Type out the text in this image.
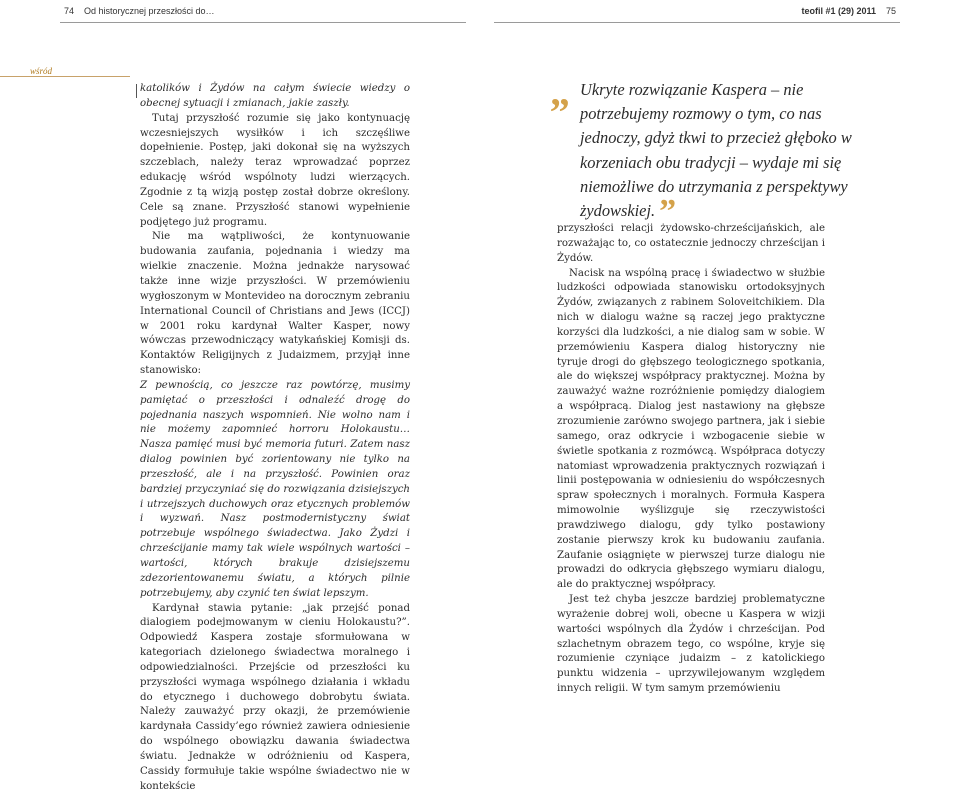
74 Od historycznej przeszłości do…	teofil #1 (29) 2011 75
wśród

katolików i Żydów na całym świecie wiedzy o obecnej sytuacji i zmianach, jakie zaszły.

Tutaj przyszłość rozumie się jako kontynuację wczesniejszych wysiłków i ich szczęśliwe dopełnienie. Postęp, jaki dokonał się na wyższych szczeblach, należy teraz wprowadzać poprzez edukację wśród wspólnoty ludzi wierzących. Zgodnie z tą wizją postęp został dobrze określony. Cele są znane. Przyszłość stanowi wypełnienie podjętego już programu.

Nie ma wątpliwości, że kontynuowanie budowania zaufania, pojednania i wiedzy ma wielkie znaczenie. Można jednakże narysować także inne wizje przyszłości. W przemówieniu wygłoszonym w Montevideo na dorocznym zebraniu International Council of Christians and Jews (ICCJ) w 2001 roku kardynał Walter Kasper, nowy wówczas przewodniczący watykańskiej Komisji ds. Kontaktów Religijnych z Judaizmem, przyjął inne stanowisko:

Z pewnością, co jeszcze raz powtórzę, musimy pamiętać o przeszłości i odnaleźć drogę do pojednania naszych wspomnień. Nie wolno nam i nie możemy zapomnieć horroru Holokaustu… Nasza pamięć musi być memoria futuri. Zatem nasz dialog powinien być zorientowany nie tylko na przeszłość, ale i na przyszłość. Powinien oraz bardziej przyczyniać się do rozwiązania dzisiejszych i utrzejszych duchowych oraz etycznych problemów i wyzwań. Nasz postmodernistyczny świat potrzebuje wspólnego świadectwa. Jako Żydzi i chrześcijanie mamy tak wiele wspólnych wartości – wartości, których brakuje dzisiejszemu zdezorientowanemu światu, a których pilnie potrzebujemy, aby czynić ten świat lepszym.

Kardynał stawia pytanie: „jak przejść ponad dialogiem podejmowanym w cieniu Holokaustu?”. Odpowiedź Kaspera zostaje sformułowana w kategoriach dzielonego świadectwa moralnego i odpowiedzialności. Przejście od przeszłości ku przyszłości wymaga wspólnego działania i wkładu do etycznego i duchowego dobrobytu świata. Należy zauważyć przy okazji, że przemówienie kardynała Cassidy’ego również zawiera odniesienie do wspólnego obowiązku dawania świadectwa światu. Jednakże w odróżnieniu od Kaspera, Cassidy formułuje takie wspólne świadectwo nie w kontekście

„ Ukryte rozwiązanie Kaspera – nie potrzebujemy rozmowy o tym, co nas jednoczy, gdyż tkwi to przecież głęboko w korzeniach obu tradycji – wydaje mi się niemożliwe do utrzymania z perspektywy żydowskiej. ”

przyszłości relacji żydowsko-chrześcijańskich, ale rozważając to, co ostatecznie jednoczy chrześcijan i Żydów.

Nacisk na wspólną pracę i świadectwo w służbie ludzkości odpowiada stanowisku ortodoksyjnych Żydów, związanych z rabinem Soloveitchikiem. Dla nich w dialogu ważne są raczej jego praktyczne korzyści dla ludzkości, a nie dialog sam w sobie. W przemówieniu Kaspera dialog historyczny nie tyruje drogi do głębszego teologicznego spotkania, ale do większej współpracy praktycznej. Można by zauważyć ważne rozróżnienie pomiędzy dialogiem a współpracą. Dialog jest nastawiony na głębsze zrozumienie zarówno swojego partnera, jak i siebie samego, oraz odkrycie i wzbogacenie siebie w świetle spotkania z rozmówcą. Współpraca dotyczy natomiast wprowadzenia praktycznych rozwiązań i linii postępowania w odniesieniu do współczesnych spraw społecznych i moralnych. Formuła Kaspera mimowolnie wyślizguje się rzeczywistości prawdziwego dialogu, gdy tylko postawiony zostanie pierwszy krok ku budowaniu zaufania. Zaufanie osiągnięte w pierwszej turze dialogu nie prowadzi do odkrycia głębszego wymiaru dialogu, ale do praktycznej współpracy.

Jest też chyba jeszcze bardziej problematyczne wyrażenie dobrej woli, obecne u Kaspera w wizji wartości wspólnych dla Żydów i chrześcijan. Pod szlachetnym obrazem tego, co wspólne, kryje się rozumienie czyniące judaizm – z katolickiego punktu widzenia – uprzywilejowanym względem innych religii. W tym samym przemówieniu
